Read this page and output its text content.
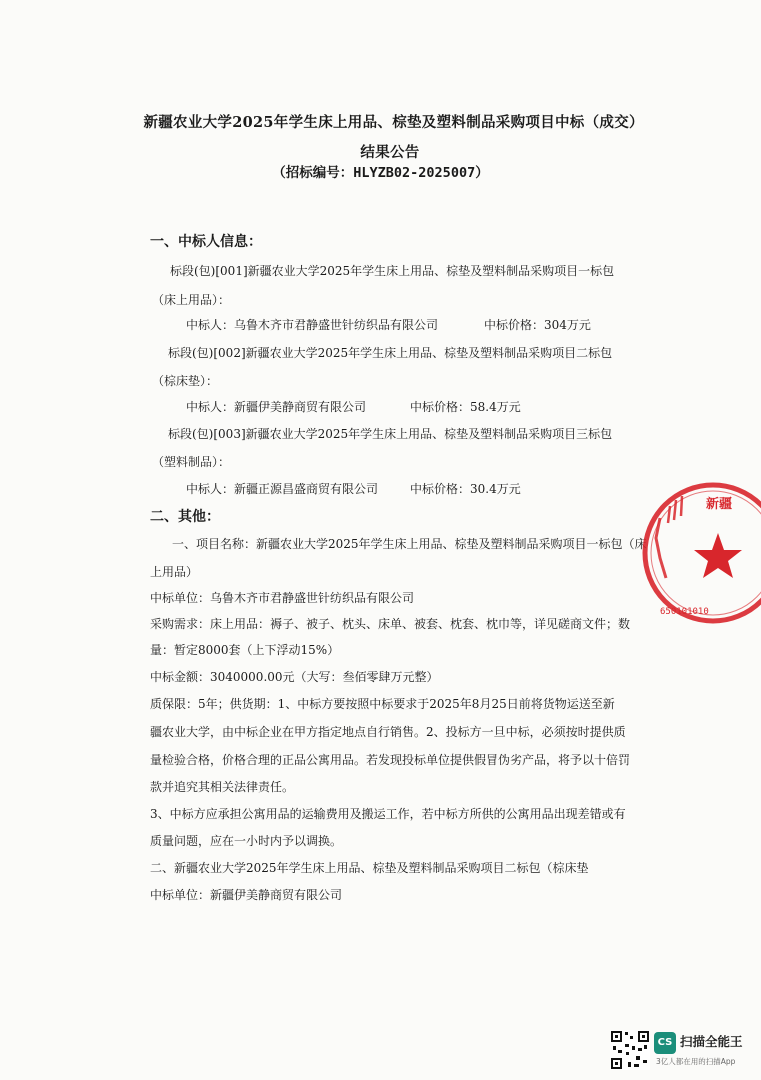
新疆农业大学2025年学生床上用品、棕垫及塑料制品采购项目中标（成交）结果公告
（招标编号：HLYZB02-2025007）
一、中标人信息：
标段(包)[001]新疆农业大学2025年学生床上用品、棕垫及塑料制品采购项目一标包
（床上用品）：
中标人：乌鲁木齐市君静盛世针纺织品有限公司	中标价格：304万元
标段(包)[002]新疆农业大学2025年学生床上用品、棕垫及塑料制品采购项目二标包
（棕床垫）：
中标人：新疆伊美静商贸有限公司	中标价格：58.4万元
标段(包)[003]新疆农业大学2025年学生床上用品、棕垫及塑料制品采购项目三标包
（塑料制品）：
中标人：新疆正源昌盛商贸有限公司	中标价格：30.4万元
二、其他：
一、项目名称：新疆农业大学2025年学生床上用品、棕垫及塑料制品采购项目一标包（床
上用品）
中标单位：乌鲁木齐市君静盛世针纺织品有限公司
采购需求：床上用品：褥子、被子、枕头、床单、被套、枕套、枕巾等，详见磋商文件；数
量：暂定8000套（上下浮动15%）
中标金额：3040000.00元（大写：叁佰零肆万元整）
质保限：5年；供货期：1、中标方要按照中标要求于2025年8月25日前将货物运送至新
疆农业大学，由中标企业在甲方指定地点自行销售。2、投标方一旦中标，必须按时提供质
量检验合格，价格合理的正品公寓用品。若发现投标单位提供假冒伪劣产品，将予以十倍罚
款并追究其相关法律责任。
3、中标方应承担公寓用品的运输费用及搬运工作，若中标方所供的公寓用品出现差错或有
质量问题，应在一小时内予以调换。
二、新疆农业大学2025年学生床上用品、棕垫及塑料制品采购项目二标包（棕床垫
中标单位：新疆伊美静商贸有限公司
新疆
650101010
CS 扫描全能王
3亿人都在用的扫描App
